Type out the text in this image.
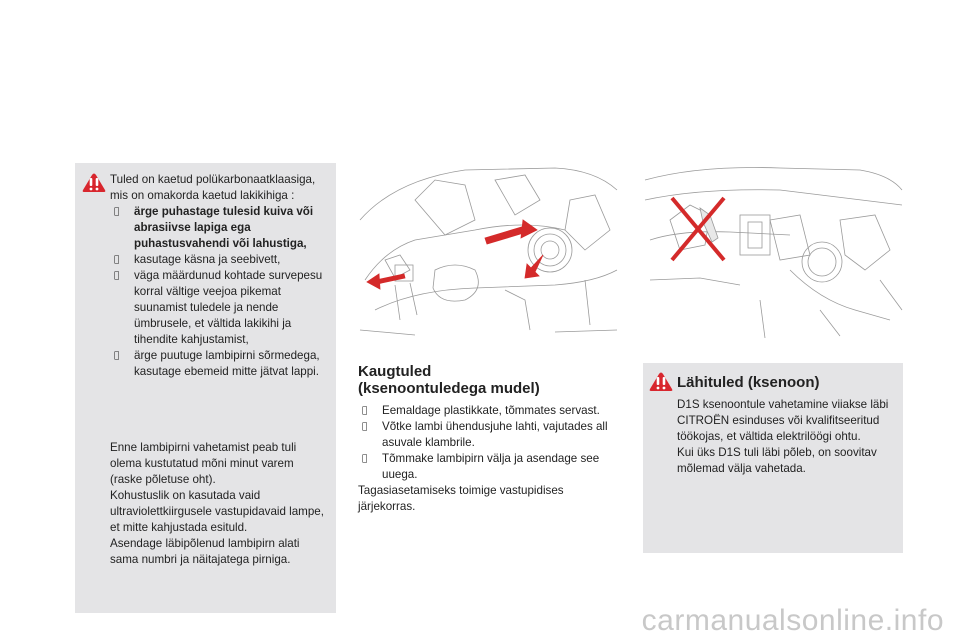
Tuled on kaetud polükarbonaatklaasiga, mis on omakorda kaetud lakikihiga :

ärge puhastage tulesid kuiva või abrasiivse lapiga ega puhastusvahendi või lahustiga,

kasutage käsna ja seebivett,

väga määrdunud kohtade survepesu korral vältige veejoa pikemat suunamist tuledele ja nende ümbrusele, et vältida lakikihi ja tihendite kahjustamist,

ärge puutuge lambipirni sõrmedega, kasutage ebemeid mitte jätvat lappi.

Enne lambipirni vahetamist peab tuli olema kustutatud mõni minut varem (raske põletuse oht).
Kohustuslik on kasutada vaid ultraviolettkiirgusele vastupidavaid lampe, et mitte kahjustada esituld.
Asendage läbipõlenud lambipirn alati sama numbri ja näitajatega pirniga.

Kaugtuled
(ksenoontuledega mudel)

Eemaldage plastikkate, tõmmates servast.

Võtke lambi ühendusjuhe lahti, vajutades all asuvale klambrile.

Tõmmake lambipirn välja ja asendage see uuega.

Tagasiasetamiseks toimige vastupidises järjekorras.

Lähituled (ksenoon)

D1S ksenoontule vahetamine viiakse läbi CITROËN esinduses või kvalifitseeritud töökojas, et vältida elektrilöögi ohtu.
Kui üks D1S tuli läbi põleb, on soovitav mõlemad välja vahetada.

carmanualsonline.info
